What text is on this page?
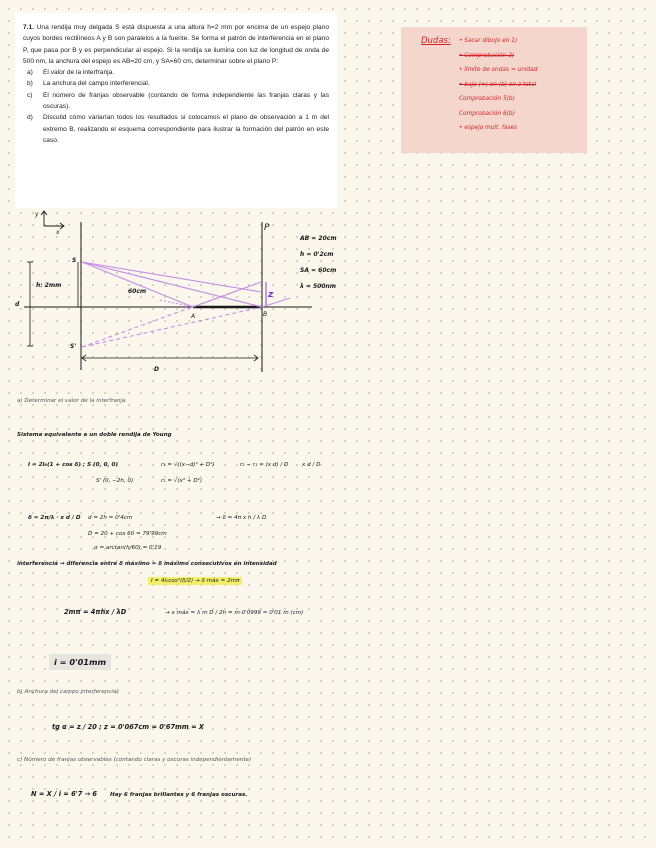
7.1. Una rendija muy delgada S está dispuesta a una altura h=2 mm por encima de un espejo plano cuyos bordes rectilíneos A y B son paralelos a la fuente. Se forma el patrón de interferencia en el plano P, que pasa por B y es perpendicular al espejo. Si la rendija se ilumina con luz de longitud de onda de 500 nm, la anchura del espejo es AB=20 cm, y SA=60 cm, determinar sobre el plano P:

a)	El valor de la interfranja.
b)	La anchura del campo interferencial.
c)	El número de franjas observable (contando de forma independiente las franjas claras y las oscuras).
d)	Discutid cómo variarían todos los resultados si colocamos el plano de observación a 1 m del extremo B, realizando el esquema correspondiente para ilustrar la formación del patrón en este caso.
Dudas: • Sacar dibujo en 1)
• Comprobación 2)
• límite de ondas = unidad
• bajo (+) en (b) en z total
Comprobación 5(b)
Comprobación 6(b)
• espejo mult. fases
y
x
d
h: 2mm
D
z
S
S'
A	B
P
60cm
AB = 20cm
h = 0'2cm
SA = 60cm
λ = 500nm
a) Determinar el valor de la interfranja.
Sistema equivalente a un doble rendija de Young
I = 2I₀(1 + cos δ) ; S (0, 0, 0)
S' (0, −2h, 0)
r₁ = √((x−d)² + D²)
r₂ = √(x² + D²)
r₂ − r₁ ≈ (x d) / D x d / D
δ = 2π/λ · x d / D d = 2h = 0'4cm	→ δ = 4π x h / λ D
D = 20 + cos 60 = 79'99cm
α = arctan(h/60) = 0'19
interferencia → diferencia entre δ máximo = δ máximo consecutivos en intensidad
I = 4I₀cos²(δ/2) → δ máx = 2mπ
2mπ = 4πhx / λD	→ x máx = λ m D / 2h = m·0'0999 ≈ 0'01 m (cm)
i = 0'01mm
b) Anchura del campo interferencial:
tg α = z / 20 ; z = 0'067cm = 0'67mm = X
c) Número de franjas observables (contando claras y oscuras independientemente)
N = X / i = 6'7 → 6 Hay 6 franjas brillantes y 6 franjas oscuras.
